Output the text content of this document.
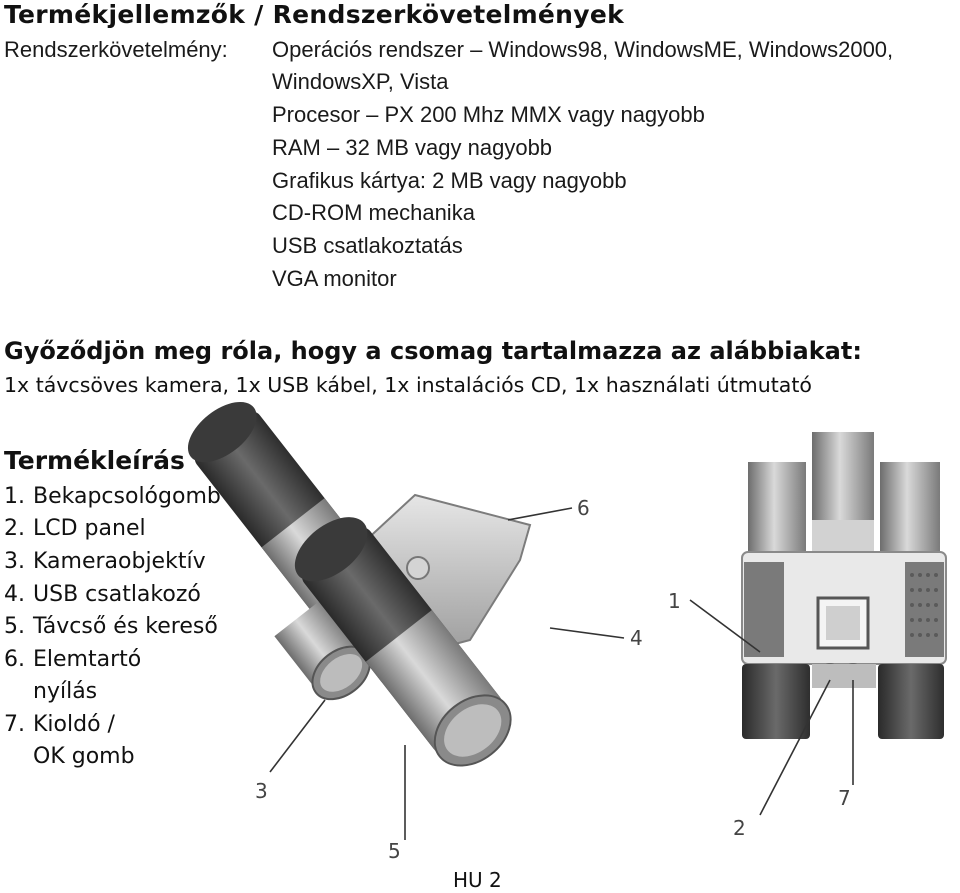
Termékjellemzők / Rendszerkövetelmények
Rendszerkövetelmény: Operációs rendszer – Windows98, WindowsME, Windows2000,
WindowsXP, Vista
Procesor – PX 200 Mhz MMX vagy nagyobb
RAM – 32 MB vagy nagyobb
Grafikus kártya: 2 MB vagy nagyobb
CD-ROM mechanika
USB csatlakoztatás
VGA monitor
Győződjön meg róla, hogy a csomag tartalmazza az alábbiakat:
1x távcsöves kamera, 1x USB kábel, 1x instalációs CD, 1x használati útmutató
Termékleírás
1. Bekapcsológomb
2. LCD panel
3. Kameraobjektív
4. USB csatlakozó
5. Távcső és kereső
6. Elemtartó
nyílás
7. Kioldó /
OK gomb
6
4
3
5
1
2
7
HU 2
